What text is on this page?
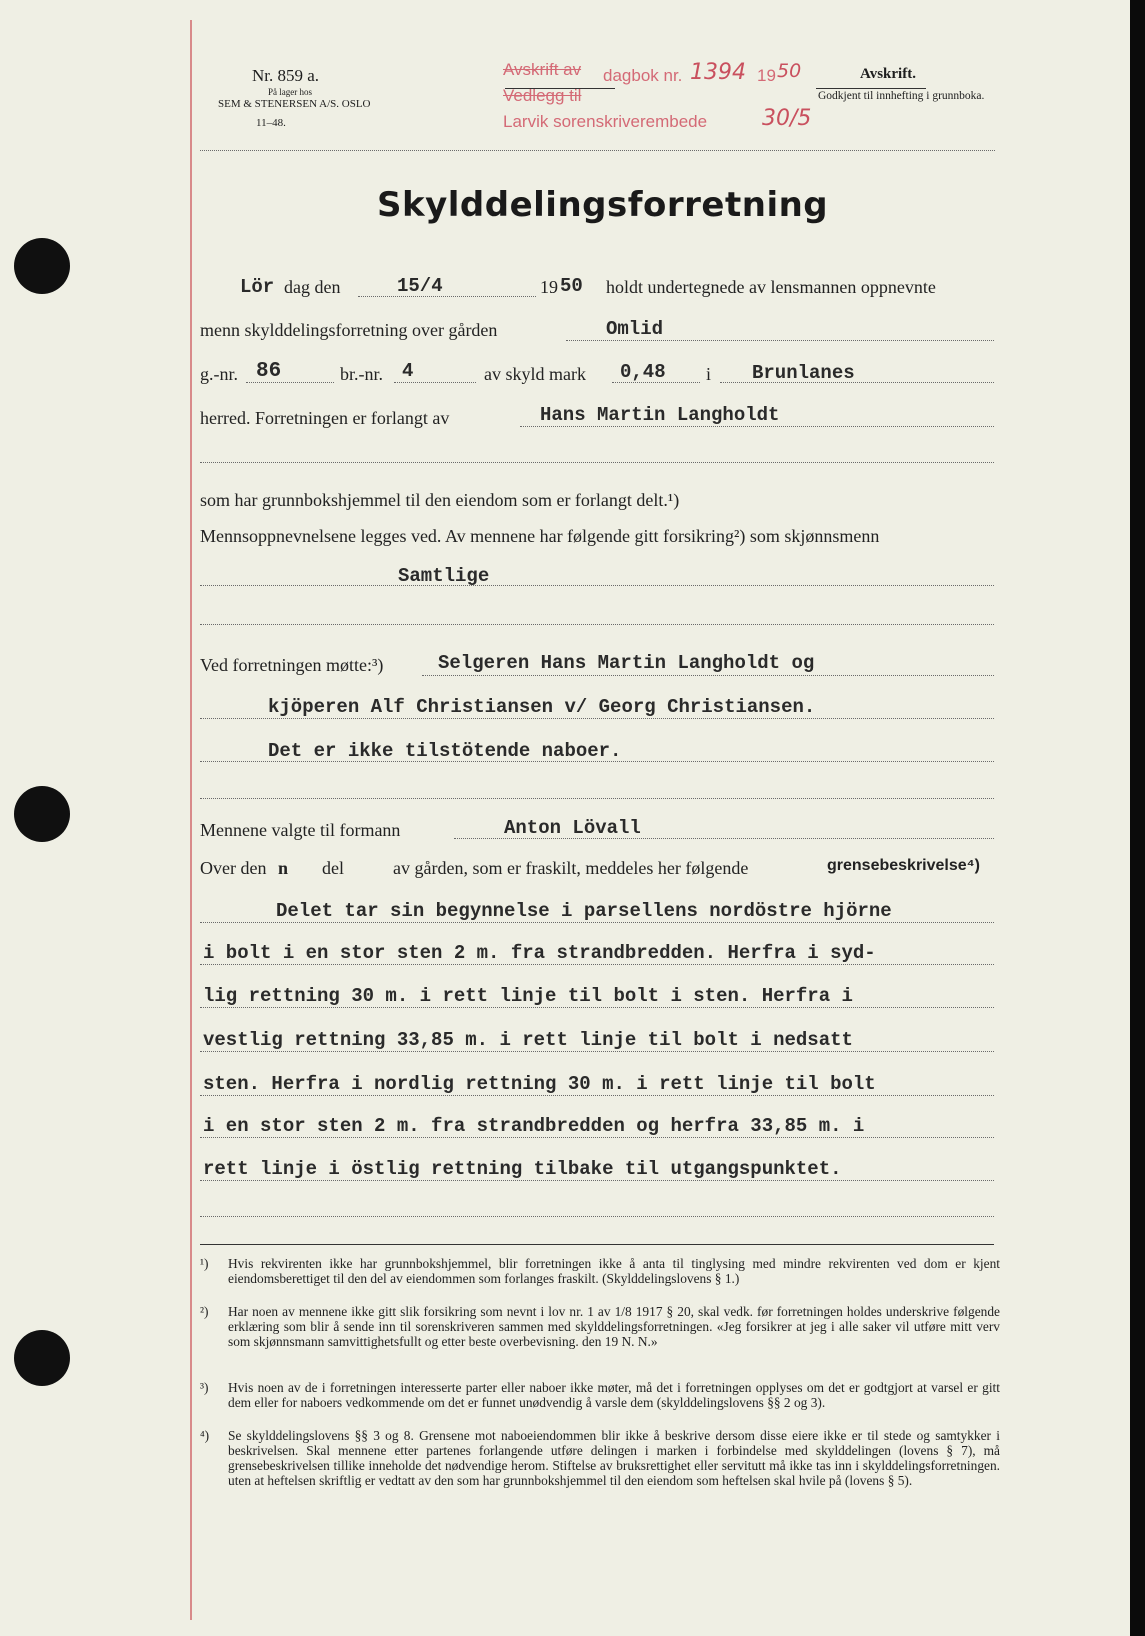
Nr. 859 a.
På lager hos
SEM & STENERSEN A/S. OSLO
11–48.
Avskrift av dagbok nr. 1394 19 50
Vedlegg til
Larvik sorenskriverembede 30/5
Avskrift.
Godkjent til innhefting i grunnboka.
Skylddelingsforretning
Lör dag den	15/4	19 50 holdt undertegnede av lensmannen oppnevnte
menn skylddelingsforretning over gården	Omlid
g.-nr. 86	br.-nr. 4	av skyld mark 0,48 i Brunlanes
herred. Forretningen er forlangt av	Hans Martin Langholdt
som har grunnbokshjemmel til den eiendom som er forlangt delt.¹)
Mennsoppnevnelsene legges ved. Av mennene har følgende gitt forsikring²) som skjønnsmenn
Samtlige
Ved forretningen møtte:³)	Selgeren Hans Martin Langholdt og
kjöperen Alf Christiansen v/ Georg Christiansen.
Det er ikke tilstötende naboer.
Mennene valgte til formann	Anton Lövall
Over den n del	av gården, som er fraskilt, meddeles her følgende	grensebeskrivelse⁴)
Delet tar sin begynnelse i parsellens nordöstre hjörne
i bolt i en stor sten 2 m. fra strandbredden. Herfra i syd-
lig rettning 30 m. i rett linje til bolt i sten. Herfra i
vestlig rettning 33,85 m. i rett linje til bolt i nedsatt
sten. Herfra i nordlig rettning 30 m. i rett linje til bolt
i en stor sten 2 m. fra strandbredden og herfra 33,85 m. i
rett linje i östlig rettning tilbake til utgangspunktet.
¹) Hvis rekvirenten ikke har grunnbokshjemmel, blir forretningen ikke å anta til tinglysing med mindre rekvirenten ved dom er kjent eiendomsberettiget til den del av eiendommen som forlanges fraskilt. (Skylddelingslovens § 1.)
²) Har noen av mennene ikke gitt slik forsikring som nevnt i lov nr. 1 av 1/8 1917 § 20, skal vedk. før forretningen holdes underskrive følgende erklæring som blir å sende inn til sorenskriveren sammen med skylddelingsforretningen. «Jeg forsikrer at jeg i alle saker vil utføre mitt verv som skjønnsmann samvittighetsfullt og etter beste overbevisning. den 19 N. N.»
³) Hvis noen av de i forretningen interesserte parter eller naboer ikke møter, må det i forretningen opplyses om det er godtgjort at varsel er gitt dem eller for naboers vedkommende om det er funnet unødvendig å varsle dem (skylddelingslovens §§ 2 og 3).
⁴) Se skylddelingslovens §§ 3 og 8. Grensene mot naboeiendommen blir ikke å beskrive dersom disse eiere ikke er til stede og samtykker i beskrivelsen. Skal mennene etter partenes forlangende utføre delingen i marken i forbindelse med skylddelingen (lovens § 7), må grensebeskrivelsen tillike inneholde det nødvendige herom. Stiftelse av bruksrettighet eller servitutt må ikke tas inn i skylddelingsforretningen. uten at heftelsen skriftlig er vedtatt av den som har grunnbokshjemmel til den eiendom som heftelsen skal hvile på (lovens § 5).
